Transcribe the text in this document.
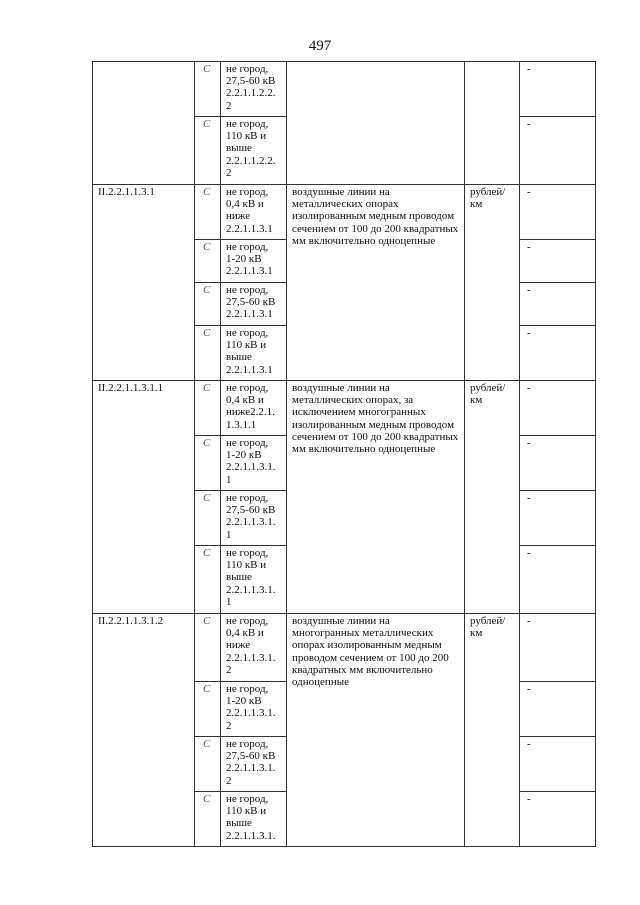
497
	С	не город,
27,5-60 кВ
2.2.1.1.2.2.
2			-
	С	не город,
110 кВ и
выше
2.2.1.1.2.2.
2			-
II.2.2.1.1.3.1	С	не город,
0,4 кВ и
ниже
2.2.1.1.3.1	воздушные линии на металлических опорах изолированным медным проводом сечением от 100 до 200 квадратных мм включительно одноцепные	рублей/ км	-
	С	не город,
1-20 кВ
2.2.1.1.3.1			-
	С	не город,
27,5-60 кВ
2.2.1.1.3.1			-
	С	не город,
110 кВ и
выше
2.2.1.1.3.1			-
II.2.2.1.1.3.1.1	С	не город,
0,4 кВ и
ниже2.2.1.
1.3.1.1	воздушные линии на металлических опорах, за исключением многогранных изолированным медным проводом сечением от 100 до 200 квадратных мм включительно одноцепные	рублей/ км	-
	С	не город,
1-20 кВ
2.2.1.1.3.1.
1			-
	С	не город,
27,5-60 кВ
2.2.1.1.3.1.
1			-
	С	не город,
110 кВ и
выше
2.2.1.1.3.1.
1			-
II.2.2.1.1.3.1.2	С	не город,
0,4 кВ и
ниже
2.2.1.1.3.1.
2	воздушные линии на многогранных металлических опорах изолированным медным проводом сечением от 100 до 200 квадратных мм включительно одноцепные	рублей/ км	-
	С	не город,
1-20 кВ
2.2.1.1.3.1.
2			-
	С	не город,
27,5-60 кВ
2.2.1.1.3.1.
2			-
	С	не город,
110 кВ и
выше
2.2.1.1.3.1.			-
